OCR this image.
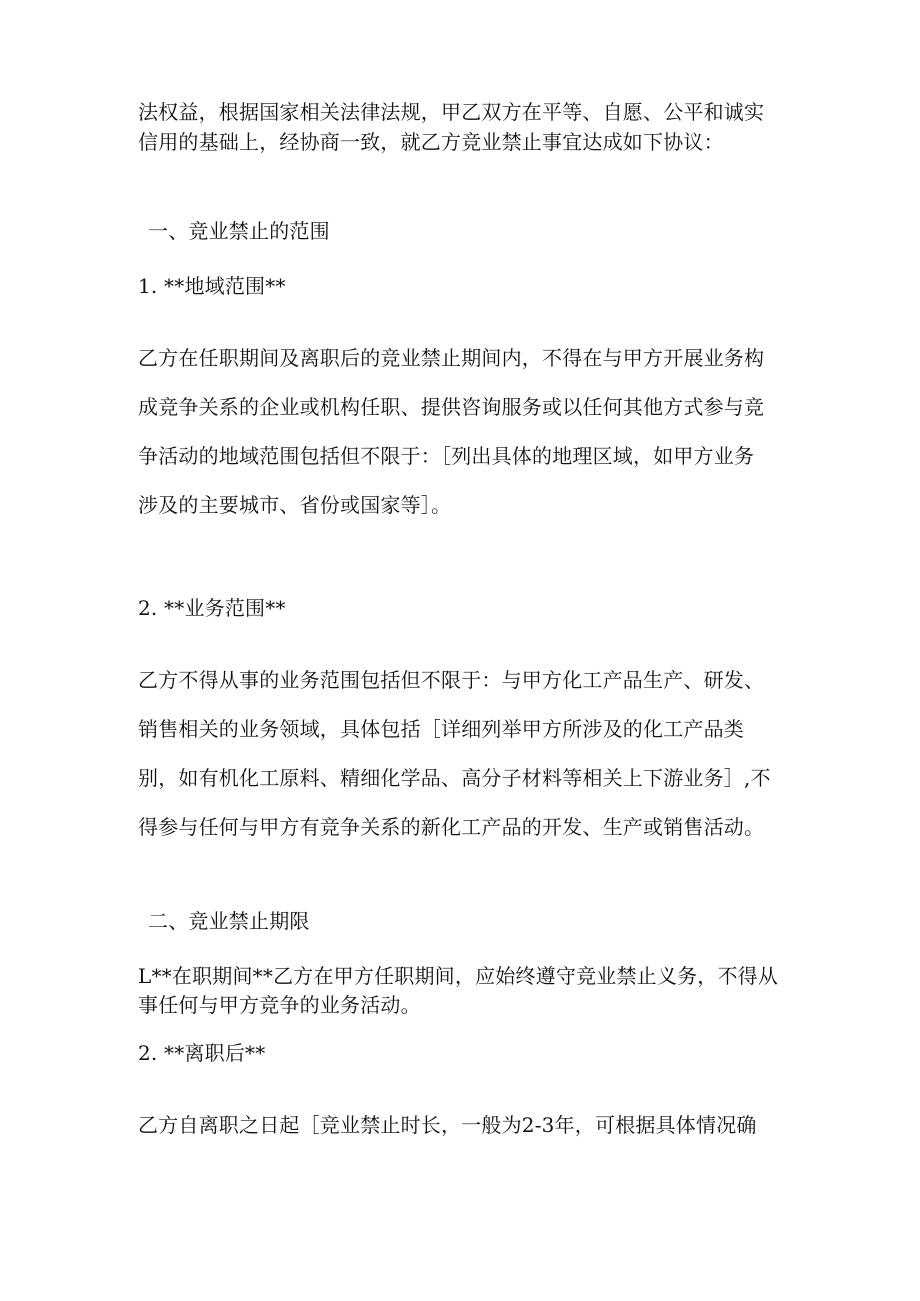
法权益，根据国家相关法律法规，甲乙双方在平等、自愿、公平和诚实
信用的基础上，经协商一致，就乙方竞业禁止事宜达成如下协议：
一、竞业禁止的范围
1. **地域范围**
乙方在任职期间及离职后的竞业禁止期间内，不得在与甲方开展业务构
成竞争关系的企业或机构任职、提供咨询服务或以任何其他方式参与竞
争活动的地域范围包括但不限于：［列出具体的地理区域，如甲方业务
涉及的主要城市、省份或国家等］。
2. **业务范围**
乙方不得从事的业务范围包括但不限于：与甲方化工产品生产、研发、
销售相关的业务领域，具体包括［详细列举甲方所涉及的化工产品类
别，如有机化工原料、精细化学品、高分子材料等相关上下游业务］,不
得参与任何与甲方有竞争关系的新化工产品的开发、生产或销售活动。
二、竞业禁止期限
L**在职期间**乙方在甲方任职期间，应始终遵守竞业禁止义务，不得从
事任何与甲方竞争的业务活动。
2. **离职后**
乙方自离职之日起［竞业禁止时长，一般为2-3年，可根据具体情况确
